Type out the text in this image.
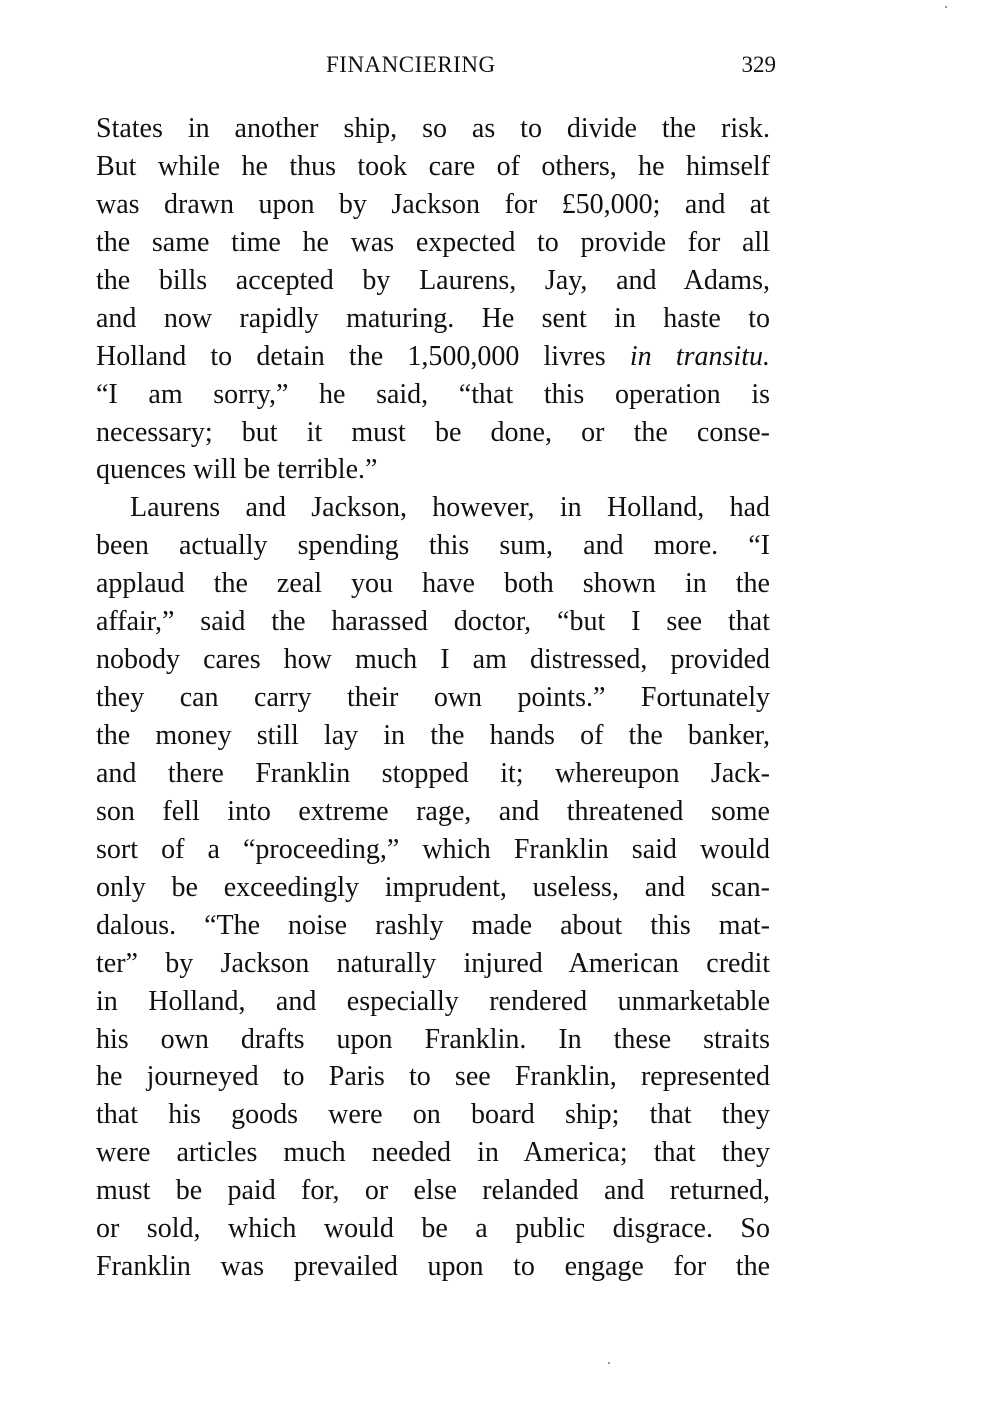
FINANCIERING	329
States in another ship, so as to divide the risk.
But while he thus took care of others, he himself
was drawn upon by Jackson for £50,000; and at
the same time he was expected to provide for all
the bills accepted by Laurens, Jay, and Adams,
and now rapidly maturing. He sent in haste to
Holland to detain the 1,500,000 livres in transitu.
“I am sorry,” he said, “that this operation is
necessary; but it must be done, or the conse-
quences will be terrible.”
Laurens and Jackson, however, in Holland, had
been actually spending this sum, and more. “I
applaud the zeal you have both shown in the
affair,” said the harassed doctor, “but I see that
nobody cares how much I am distressed, provided
they can carry their own points.” Fortunately
the money still lay in the hands of the banker,
and there Franklin stopped it; whereupon Jack-
son fell into extreme rage, and threatened some
sort of a “proceeding,” which Franklin said would
only be exceedingly imprudent, useless, and scan-
dalous. “The noise rashly made about this mat-
ter” by Jackson naturally injured American credit
in Holland, and especially rendered unmarketable
his own drafts upon Franklin. In these straits
he journeyed to Paris to see Franklin, represented
that his goods were on board ship; that they
were articles much needed in America; that they
must be paid for, or else relanded and returned,
or sold, which would be a public disgrace. So
Franklin was prevailed upon to engage for the
